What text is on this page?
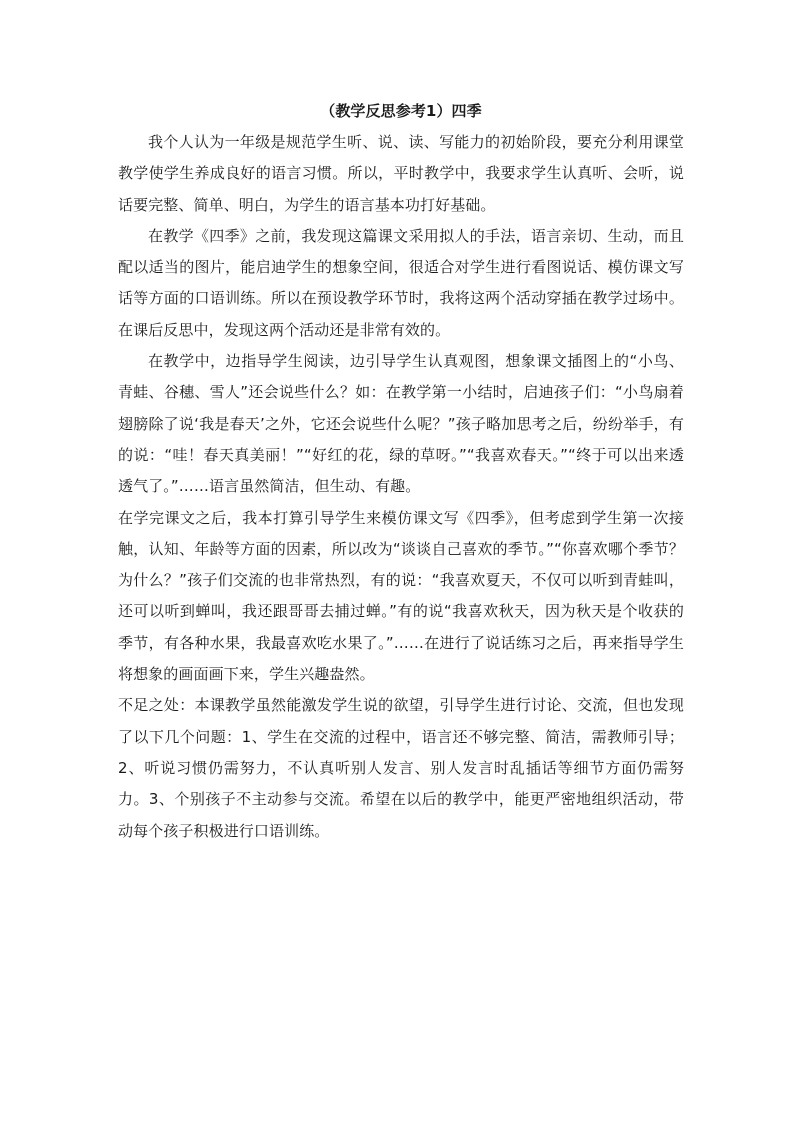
（教学反思参考1）四季

我个人认为一年级是规范学生听、说、读、写能力的初始阶段，要充分利用课堂教学使学生养成良好的语言习惯。所以，平时教学中，我要求学生认真听、会听，说话要完整、简单、明白，为学生的语言基本功打好基础。

在教学《四季》之前，我发现这篇课文采用拟人的手法，语言亲切、生动，而且配以适当的图片，能启迪学生的想象空间，很适合对学生进行看图说话、模仿课文写话等方面的口语训练。所以在预设教学环节时，我将这两个活动穿插在教学过场中。在课后反思中，发现这两个活动还是非常有效的。

在教学中，边指导学生阅读，边引导学生认真观图，想象课文插图上的“小鸟、青蛙、谷穗、雪人”还会说些什么？如：在教学第一小结时，启迪孩子们：“小鸟扇着翅膀除了说‘我是春天’之外，它还会说些什么呢？”孩子略加思考之后，纷纷举手，有的说：“哇！春天真美丽！”“好红的花，绿的草呀。”“我喜欢春天。”“终于可以出来透透气了。”……语言虽然简洁，但生动、有趣。

在学完课文之后，我本打算引导学生来模仿课文写《四季》，但考虑到学生第一次接触，认知、年龄等方面的因素，所以改为“谈谈自己喜欢的季节。”“你喜欢哪个季节？为什么？”孩子们交流的也非常热烈，有的说：“我喜欢夏天，不仅可以听到青蛙叫，还可以听到蝉叫，我还跟哥哥去捕过蝉。”有的说“我喜欢秋天，因为秋天是个收获的季节，有各种水果，我最喜欢吃水果了。”……在进行了说话练习之后，再来指导学生将想象的画面画下来，学生兴趣盎然。

不足之处：本课教学虽然能激发学生说的欲望，引导学生进行讨论、交流，但也发现了以下几个问题：1、学生在交流的过程中，语言还不够完整、简洁，需教师引导；2、听说习惯仍需努力，不认真听别人发言、别人发言时乱插话等细节方面仍需努力。3、个别孩子不主动参与交流。希望在以后的教学中，能更严密地组织活动，带动每个孩子积极进行口语训练。
